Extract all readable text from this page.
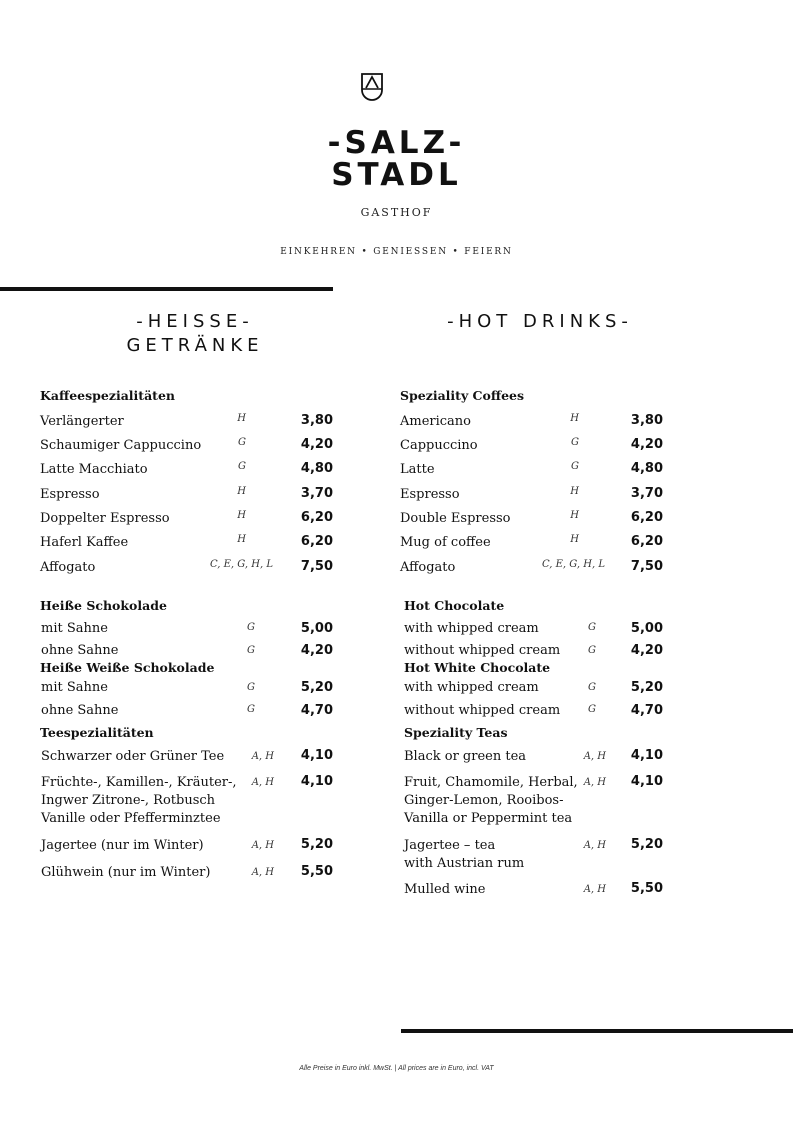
-SALZ-
STADL
GASTHOF
EINKEHREN • GENIESSEN • FEIERN
-HEISSE-
GETRÄNKE
-HOT DRINKS-
Kaffeespezialitäten
Heiße Schokolade
Heiße Weiße Schokolade
Teespezialitäten
Speziality Coffees
Hot Chocolate
Hot White Chocolate
Speziality Teas
Verlängerter	H	3,80
Schaumiger Cappuccino	G	4,20
Latte Macchiato	G	4,80
Espresso	H	3,70
Doppelter Espresso	H	6,20
Haferl Kaffee	H	6,20
Affogato	C, E, G, H, L	7,50
mit Sahne	G	5,00
ohne Sahne	G	4,20
mit Sahne	G	5,20
ohne Sahne	G	4,70
Schwarzer oder Grüner Tee	A, H	4,10
Früchte-, Kamillen-, Kräuter-,
Ingwer Zitrone-, Rotbusch
Vanille oder Pfefferminztee
A, H	4,10
Jagertee (nur im Winter)	A, H	5,20
Glühwein (nur im Winter)	A, H	5,50
Americano	H	3,80
Cappuccino	G	4,20
Latte	G	4,80
Espresso	H	3,70
Double Espresso	H	6,20
Mug of coffee	H	6,20
Affogato	C, E, G, H, L	7,50
with whipped cream	G	5,00
without whipped cream	G	4,20
with whipped cream	G	5,20
without whipped cream	G	4,70
Black or green tea	A, H	4,10
Fruit, Chamomile, Herbal,
Ginger-Lemon, Rooibos-
Vanilla or Peppermint tea
A, H	4,10
Jagertee – tea
with Austrian rum
A, H	5,20
Mulled wine	A, H	5,50
Alle Preise in Euro inkl. MwSt. | All prices are in Euro, incl. VAT
